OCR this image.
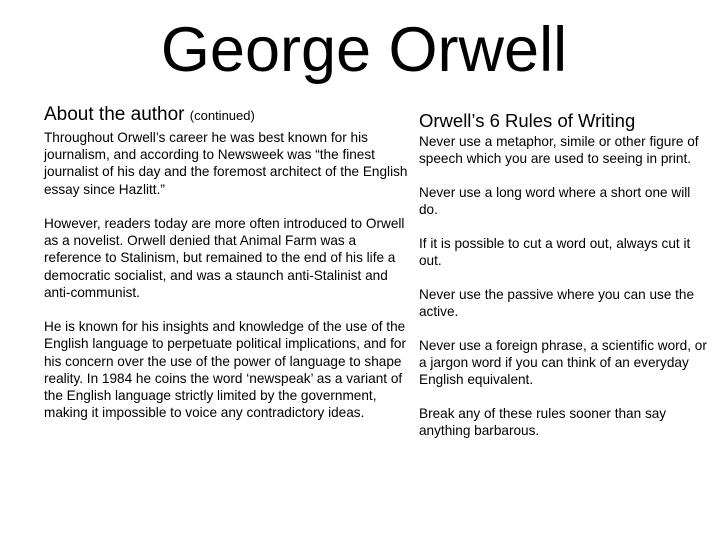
George Orwell
About the author (continued)

Throughout Orwell’s career he was best known for his journalism, and according to Newsweek was “the finest journalist of his day and the foremost architect of the English essay since Hazlitt.”

However, readers today are more often introduced to Orwell as a novelist. Orwell denied that Animal Farm was a reference to Stalinism, but remained to the end of his life a democratic socialist, and was a staunch anti-Stalinist and anti-communist.

He is known for his insights and knowledge of the use of the English language to perpetuate political implications, and for his concern over the use of the power of language to shape reality. In 1984 he coins the word ‘newspeak’ as a variant of the English language strictly limited by the government, making it impossible to voice any contradictory ideas.

Orwell’s 6 Rules of Writing

Never use a metaphor, simile or other figure of speech which you are used to seeing in print.

Never use a long word where a short one will do.

If it is possible to cut a word out, always cut it out.

Never use the passive where you can use the active.

Never use a foreign phrase, a scientific word, or a jargon word if you can think of an everyday English equivalent.

Break any of these rules sooner than say anything barbarous.
